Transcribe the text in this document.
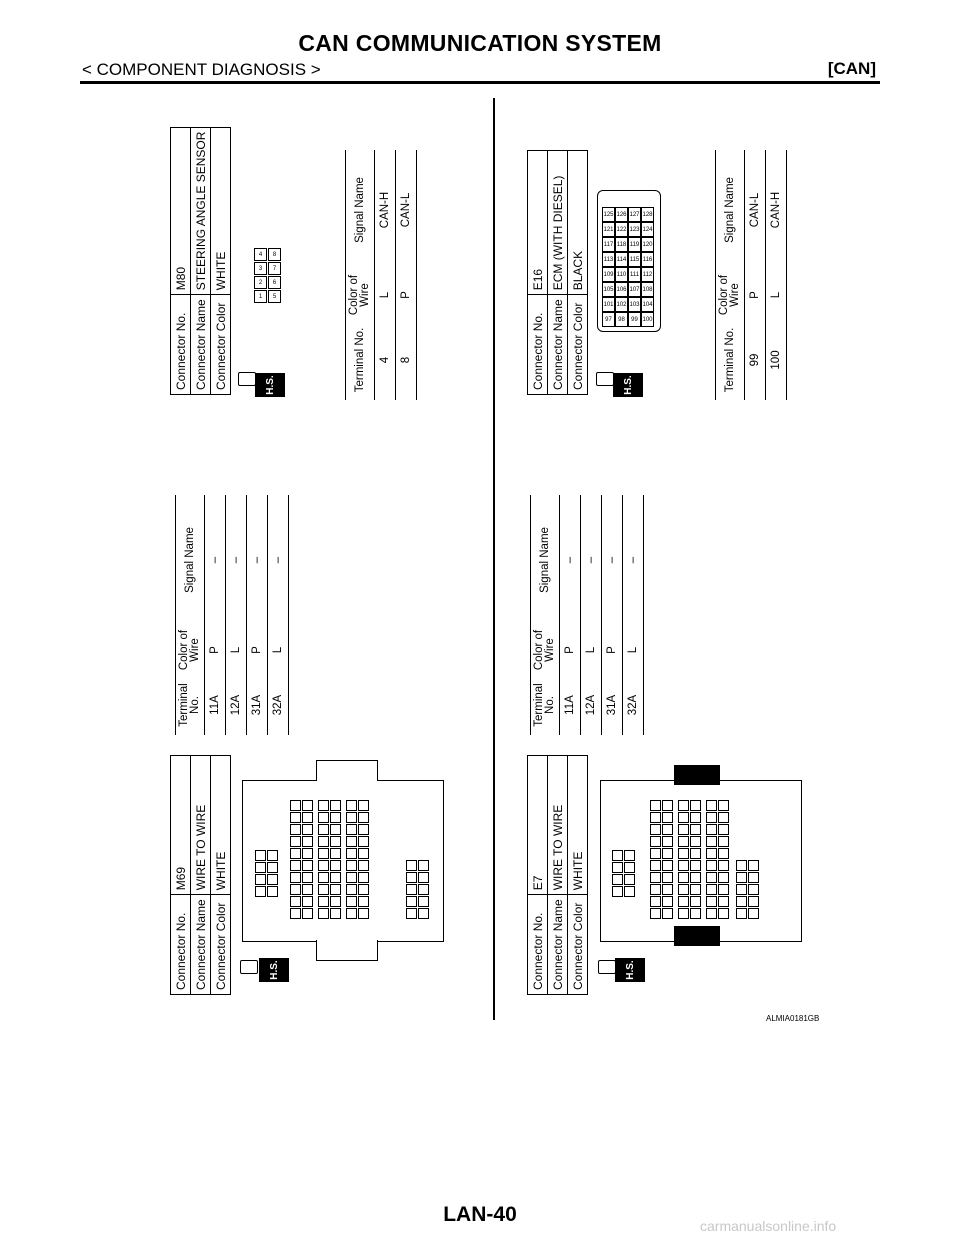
CAN COMMUNICATION SYSTEM
< COMPONENT DIAGNOSIS >	[CAN]
Connector No.	M69
Connector Name	WIRE TO WIRE
Connector Color	WHITE
H.S.
Terminal No.	Color of Wire	Signal Name
11A	P	–
12A	L	–
31A	P	–
32A	L	–
Connector No.	M80
Connector Name	STEERING ANGLE SENSOR
Connector Color	WHITE
H.S.
1
2
3
4
5
6
7
8
Terminal No.	Color of Wire	Signal Name
4	L	CAN-H
8	P	CAN-L
Connector No.	E7
Connector Name	WIRE TO WIRE
Connector Color	WHITE
H.S.
Terminal No.	Color of Wire	Signal Name
11A	P	–
12A	L	–
31A	P	–
32A	L	–
Connector No.	E16
Connector Name	ECM (WITH DIESEL)
Connector Color	BLACK
H.S.
97
101
105
109
113
117
121
125
98
102
106
110
114
118
122
126
99
103
107
111
115
119
123
127
100
104
108
112
116
120
124
128
Terminal No.	Color of Wire	Signal Name
99	P	CAN-L
100	L	CAN-H
ALMIA0181GB
LAN-40	carmanualsonline.info
